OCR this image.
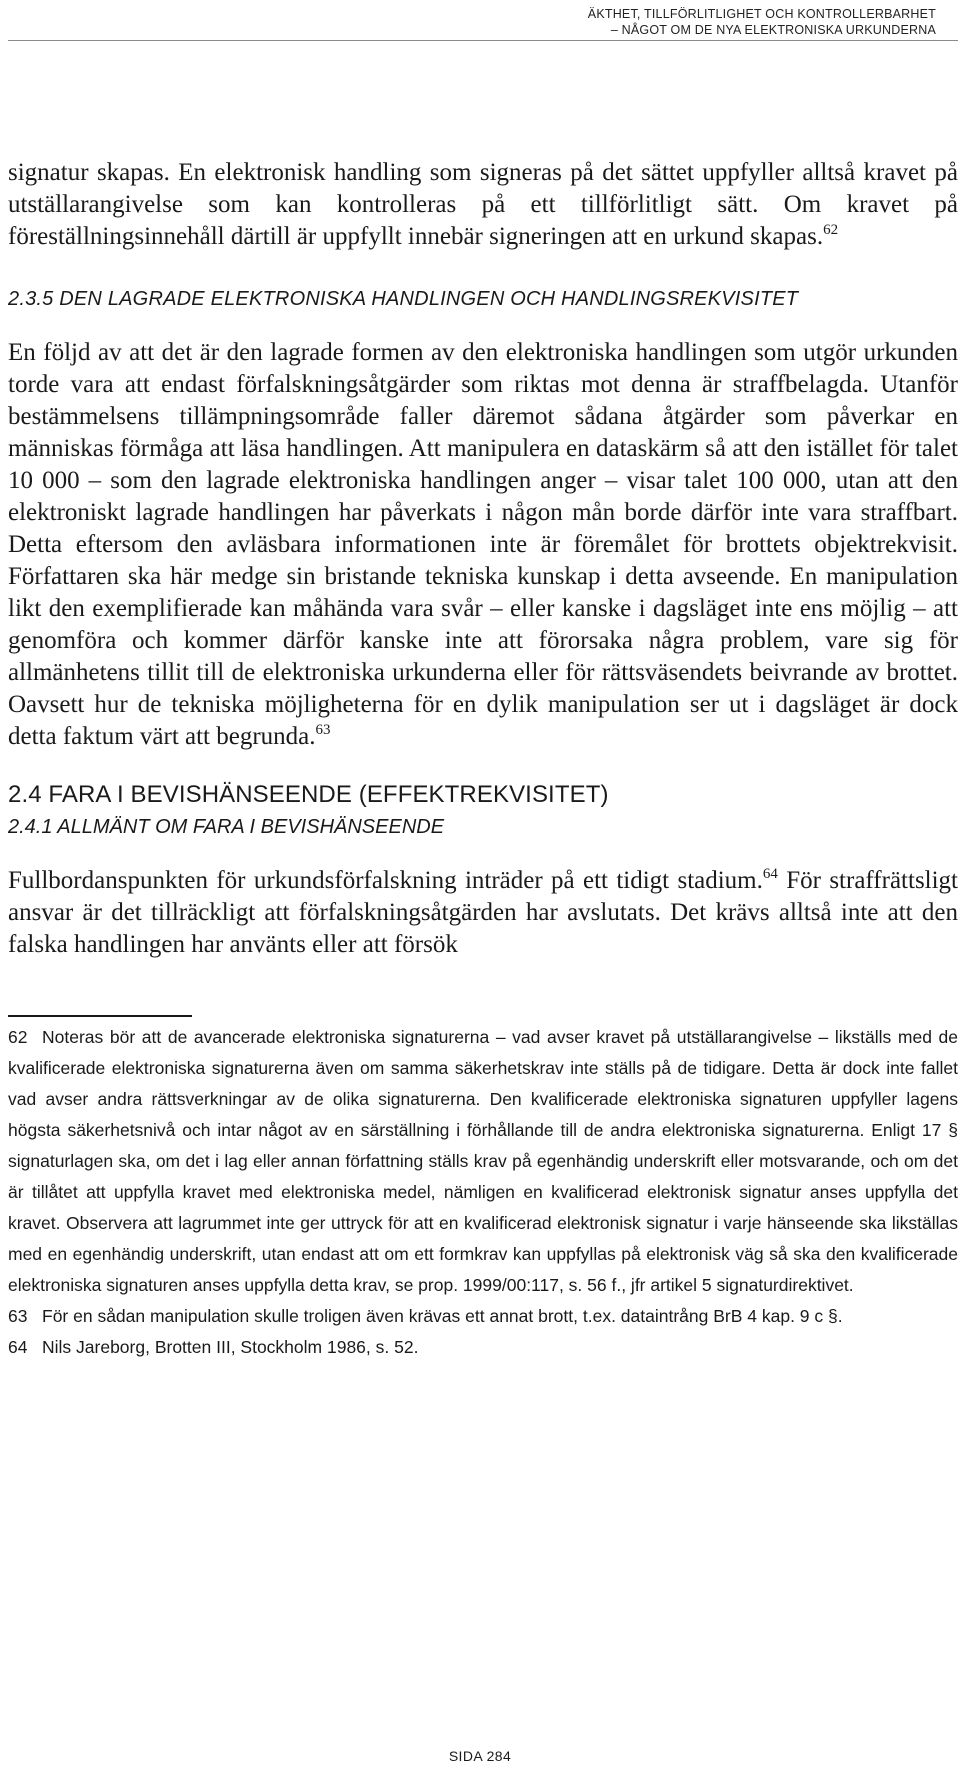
ÄKTHET, TILLFÖRLITLIGHET OCH KONTROLLERBARHET
– NÅGOT OM DE NYA ELEKTRONISKA URKUNDERNA

signatur skapas. En elektronisk handling som signeras på det sättet uppfyller alltså kravet på utställarangivelse som kan kontrolleras på ett tillförlitligt sätt. Om kravet på föreställningsinnehåll därtill är uppfyllt innebär signeringen att en urkund skapas.$^{62}$

2.3.5 DEN LAGRADE ELEKTRONISKA HANDLINGEN OCH HANDLINGSREKVISITET

En följd av att det är den lagrade formen av den elektroniska handlingen som utgör urkunden torde vara att endast förfalskningsåtgärder som riktas mot denna är straffbelagda. Utanför bestämmelsens tillämpningsområde faller däremot sådana åtgärder som påverkar en människas förmåga att läsa handlingen. Att manipulera en dataskärm så att den istället för talet 10 000 – som den lagrade elektroniska handlingen anger – visar talet 100 000, utan att den elektroniskt lagrade handlingen har påverkats i någon mån borde därför inte vara straffbart. Detta eftersom den avläsbara informationen inte är föremålet för brottets objektrekvisit. Författaren ska här medge sin bristande tekniska kunskap i detta avseende. En manipulation likt den exemplifierade kan måhända vara svår – eller kanske i dagsläget inte ens möjlig – att genomföra och kommer därför kanske inte att förorsaka några problem, vare sig för allmänhetens tillit till de elektroniska urkunderna eller för rättsväsendets beivrande av brottet. Oavsett hur de tekniska möjligheterna för en dylik manipulation ser ut i dagsläget är dock detta faktum värt att begrunda.$^{63}$

2.4 FARA I BEVISHÄNSEENDE (EFFEKTREKVISITET)
2.4.1 ALLMÄNT OM FARA I BEVISHÄNSEENDE

Fullbordanspunkten för urkundsförfalskning inträder på ett tidigt stadium.$^{64}$ För straffrättsligt ansvar är det tillräckligt att förfalskningsåtgärden har avslutats. Det krävs alltså inte att den falska handlingen har använts eller att försök

62 Noteras bör att de avancerade elektroniska signaturerna – vad avser kravet på utställarangivelse – likställs med de kvalificerade elektroniska signaturerna även om samma säkerhetskrav inte ställs på de tidigare. Detta är dock inte fallet vad avser andra rättsverkningar av de olika signaturerna. Den kvalificerade elektroniska signaturen uppfyller lagens högsta säkerhetsnivå och intar något av en särställning i förhållande till de andra elektroniska signaturerna. Enligt 17 § signaturlagen ska, om det i lag eller annan författning ställs krav på egenhändig underskrift eller motsvarande, och om det är tillåtet att uppfylla kravet med elektroniska medel, nämligen en kvalificerad elektronisk signatur anses uppfylla det kravet. Observera att lagrummet inte ger uttryck för att en kvalificerad elektronisk signatur i varje hänseende ska likställas med en egenhändig underskrift, utan endast att om ett formkrav kan uppfyllas på elektronisk väg så ska den kvalificerade elektroniska signaturen anses uppfylla detta krav, se prop. 1999/00:117, s. 56 f., jfr artikel 5 signaturdirektivet.

63 För en sådan manipulation skulle troligen även krävas ett annat brott, t.ex. dataintrång BrB 4 kap. 9 c §.

64 Nils Jareborg, Brotten III, Stockholm 1986, s. 52.

SIDA 284
